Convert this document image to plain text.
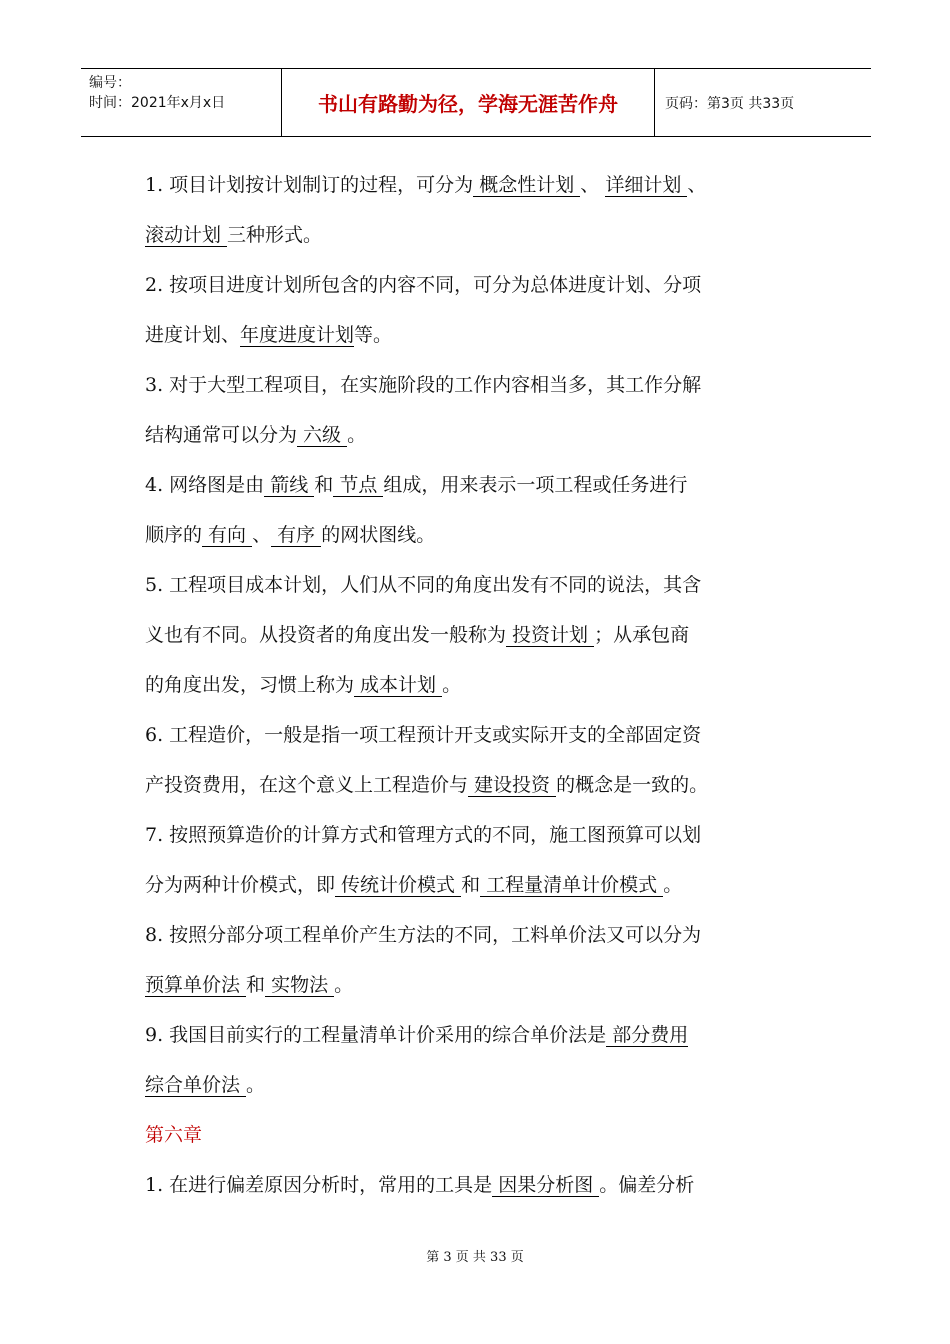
编号：
时间：2021年x月x日	书山有路勤为径，学海无涯苦作舟	页码：第3页 共33页
1. 项目计划按计划制订的过程，可分为 概念性计划 、 详细计划 、
滚动计划 三种形式。
2. 按项目进度计划所包含的内容不同，可分为总体进度计划、分项
进度计划、年度进度计划等。
3. 对于大型工程项目，在实施阶段的工作内容相当多，其工作分解
结构通常可以分为 六级 。
4. 网络图是由 箭线 和 节点 组成，用来表示一项工程或任务进行
顺序的 有向 、 有序 的网状图线。
5. 工程项目成本计划，人们从不同的角度出发有不同的说法，其含
义也有不同。从投资者的角度出发一般称为 投资计划 ；从承包商
的角度出发，习惯上称为 成本计划 。
6. 工程造价，一般是指一项工程预计开支或实际开支的全部固定资
产投资费用，在这个意义上工程造价与 建设投资 的概念是一致的。
7. 按照预算造价的计算方式和管理方式的不同，施工图预算可以划
分为两种计价模式，即 传统计价模式 和 工程量清单计价模式 。
8. 按照分部分项工程单价产生方法的不同，工料单价法又可以分为
预算单价法 和 实物法 。
9. 我国目前实行的工程量清单计价采用的综合单价法是 部分费用
综合单价法 。
第六章
1. 在进行偏差原因分析时，常用的工具是 因果分析图 。偏差分析
第 3 页 共 33 页
